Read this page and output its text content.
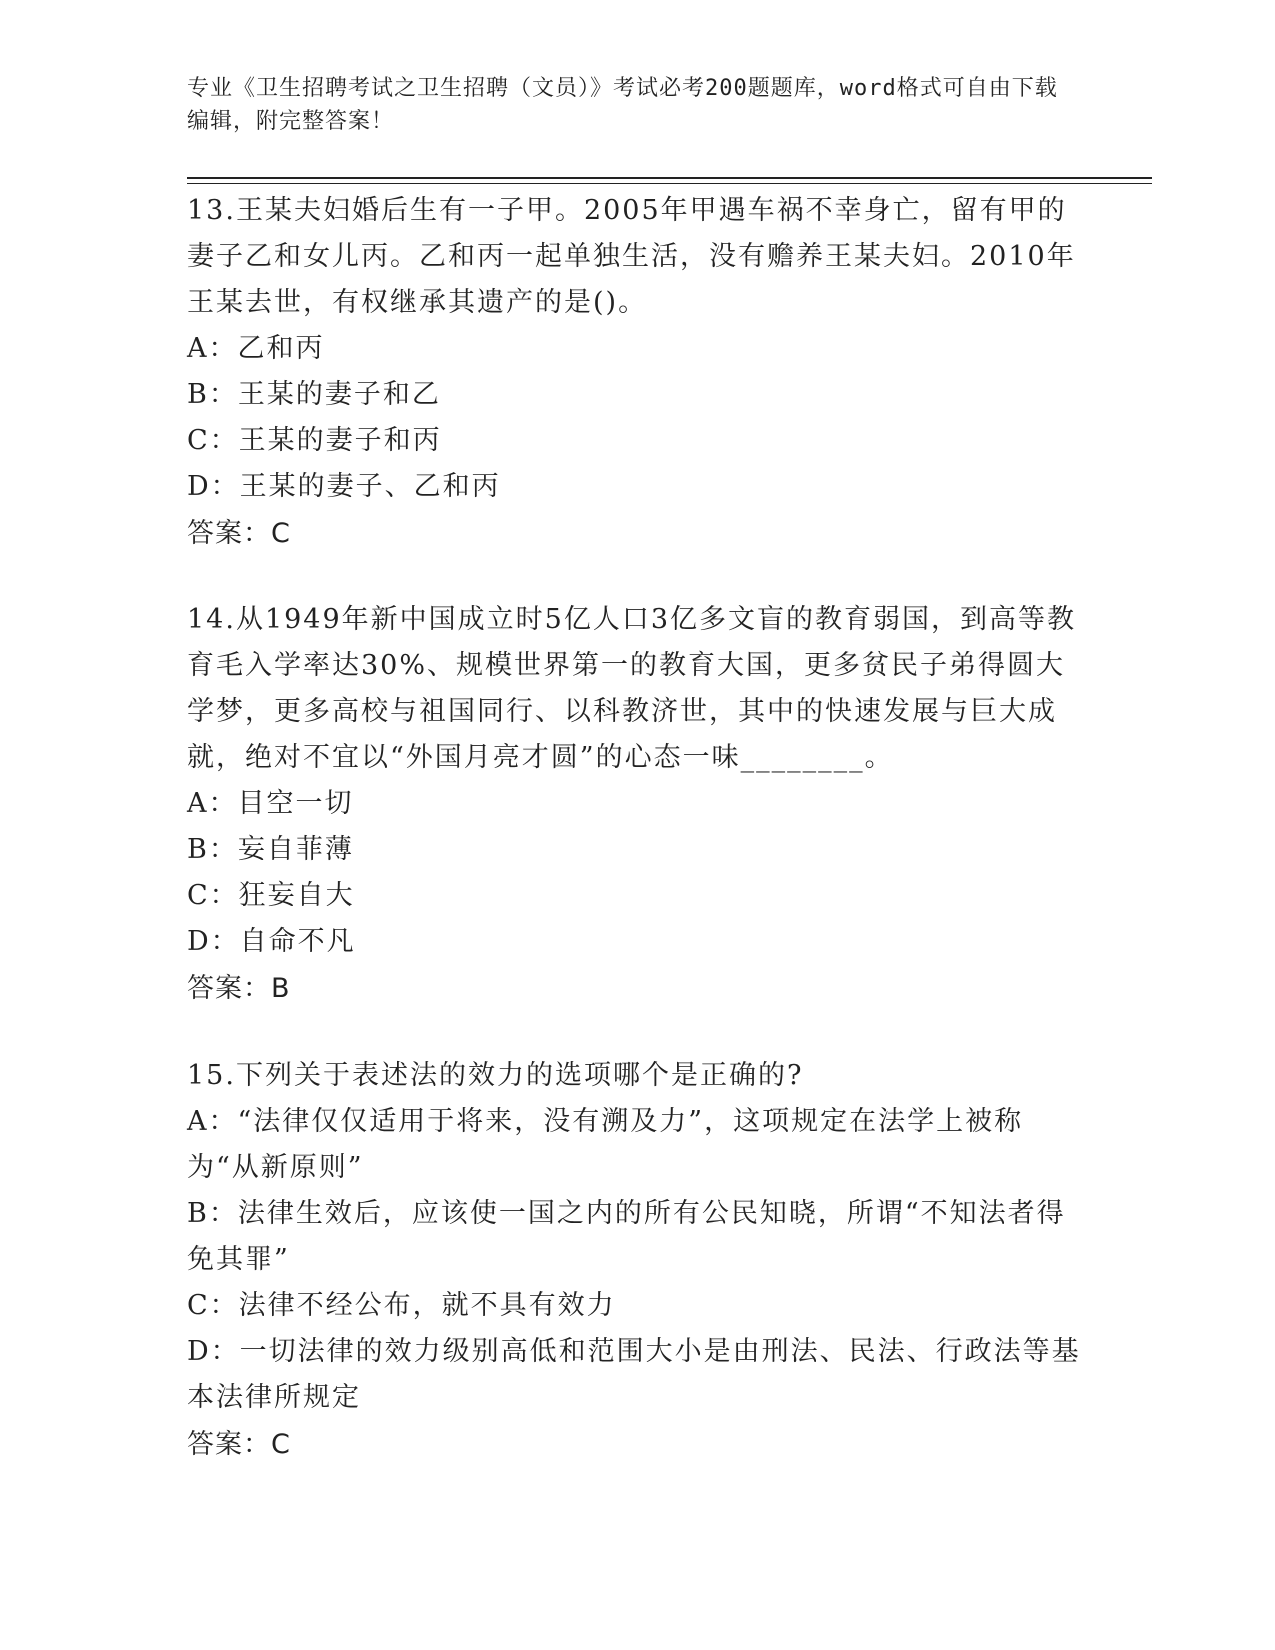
专业《卫生招聘考试之卫生招聘（文员）》考试必考200题题库，word格式可自由下载编辑，附完整答案！
13.王某夫妇婚后生有一子甲。2005年甲遇车祸不幸身亡，留有甲的妻子乙和女儿丙。乙和丙一起单独生活，没有赡养王某夫妇。2010年王某去世，有权继承其遗产的是()。
A：乙和丙
B：王某的妻子和乙
C：王某的妻子和丙
D：王某的妻子、乙和丙
答案：C
14.从1949年新中国成立时5亿人口3亿多文盲的教育弱国，到高等教育毛入学率达30%、规模世界第一的教育大国，更多贫民子弟得圆大学梦，更多高校与祖国同行、以科教济世，其中的快速发展与巨大成就，绝对不宜以“外国月亮才圆”的心态一味________。
A：目空一切
B：妄自菲薄
C：狂妄自大
D：自命不凡
答案：B
15.下列关于表述法的效力的选项哪个是正确的?
A：“法律仅仅适用于将来，没有溯及力”，这项规定在法学上被称为“从新原则”
B：法律生效后，应该使一国之内的所有公民知晓，所谓“不知法者得免其罪”
C：法律不经公布，就不具有效力
D：一切法律的效力级别高低和范围大小是由刑法、民法、行政法等基本法律所规定
答案：C
